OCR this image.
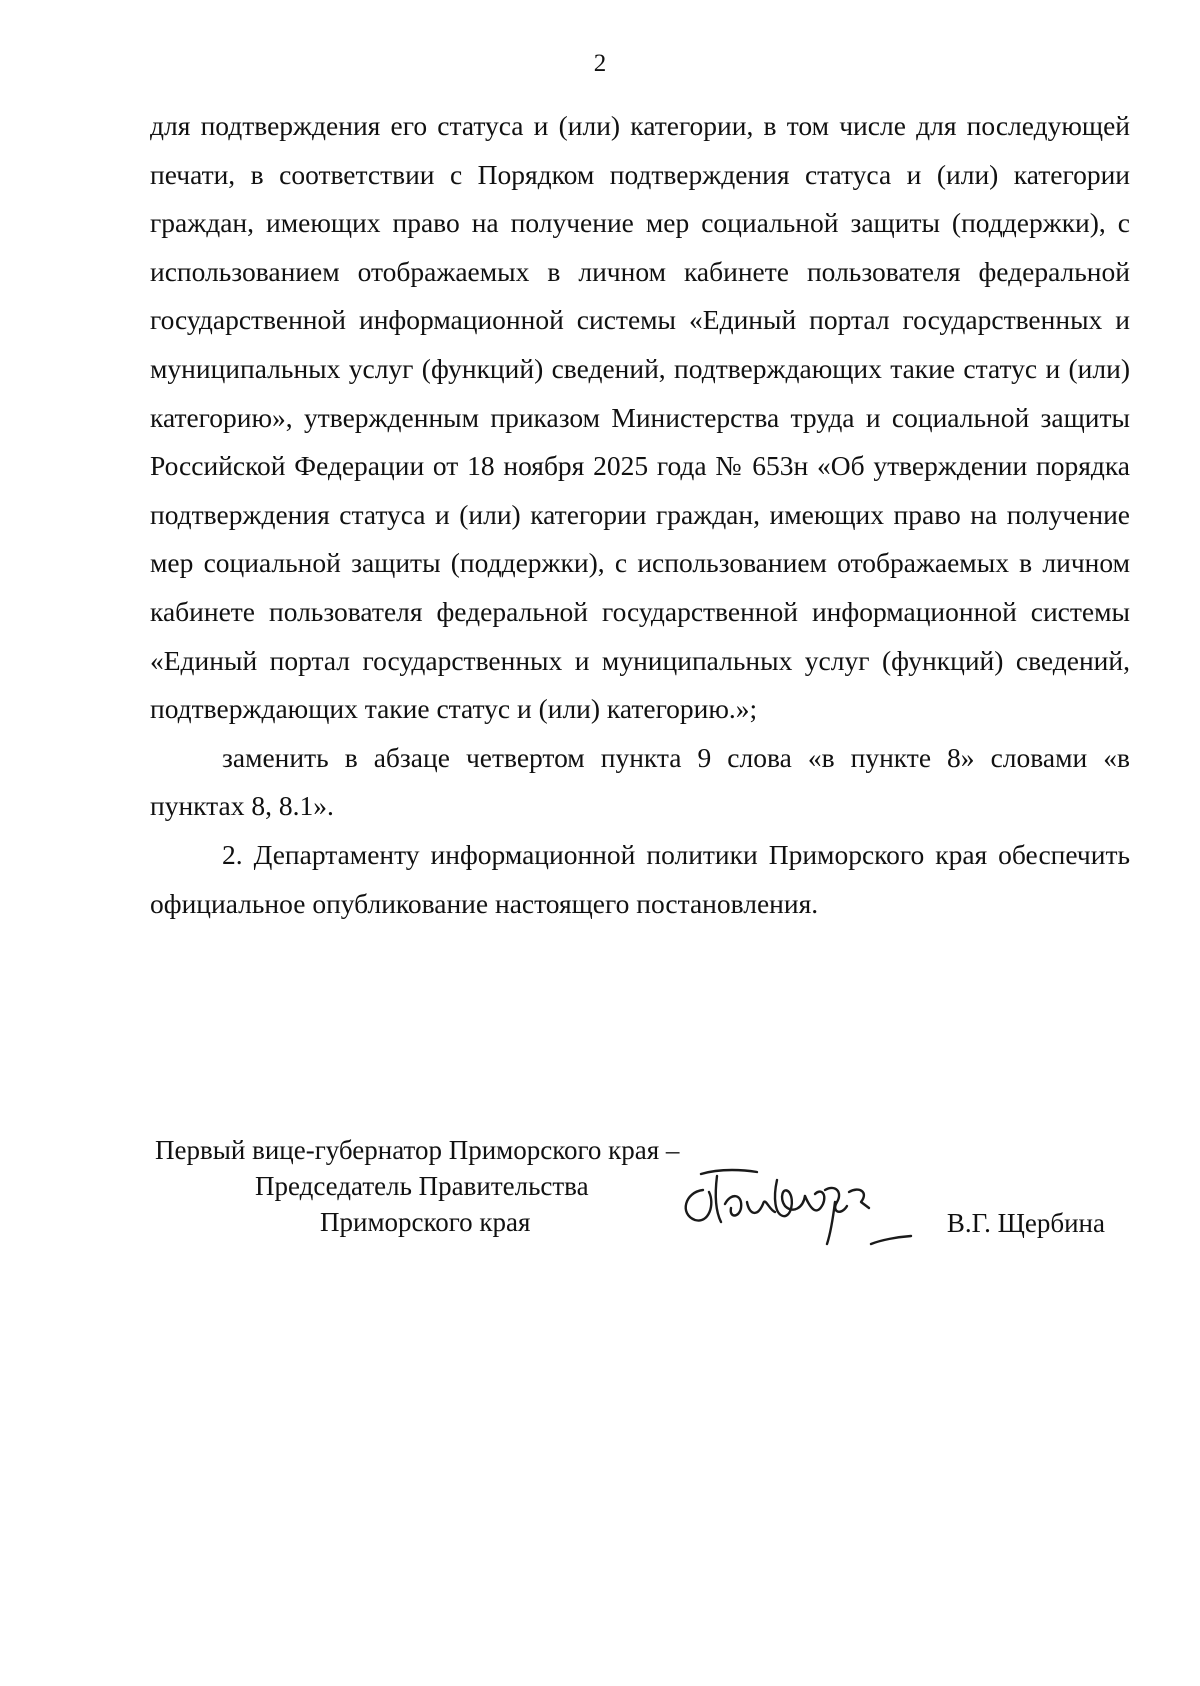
2

для подтверждения его статуса и (или) категории, в том числе для последующей печати, в соответствии с Порядком подтверждения статуса и (или) категории граждан, имеющих право на получение мер социальной защиты (поддержки), с использованием отображаемых в личном кабинете пользователя федеральной государственной информационной системы «Единый портал государственных и муниципальных услуг (функций) сведений, подтверждающих такие статус и (или) категорию», утвержденным приказом Министерства труда и социальной защиты Российской Федерации от 18 ноября 2025 года № 653н «Об утверждении порядка подтверждения статуса и (или) категории граждан, имеющих право на получение мер социальной защиты (поддержки), с использованием отображаемых в личном кабинете пользователя федеральной государственной информационной системы «Единый портал государственных и муниципальных услуг (функций) сведений, подтверждающих такие статус и (или) категорию.»;

заменить в абзаце четвертом пункта 9 слова «в пункте 8» словами «в пунктах 8, 8.1».

2. Департаменту информационной политики Приморского края обеспечить официальное опубликование настоящего постановления.

Первый вице-губернатор Приморского края –
Председатель Правительства
Приморского края	В.Г. Щербина
